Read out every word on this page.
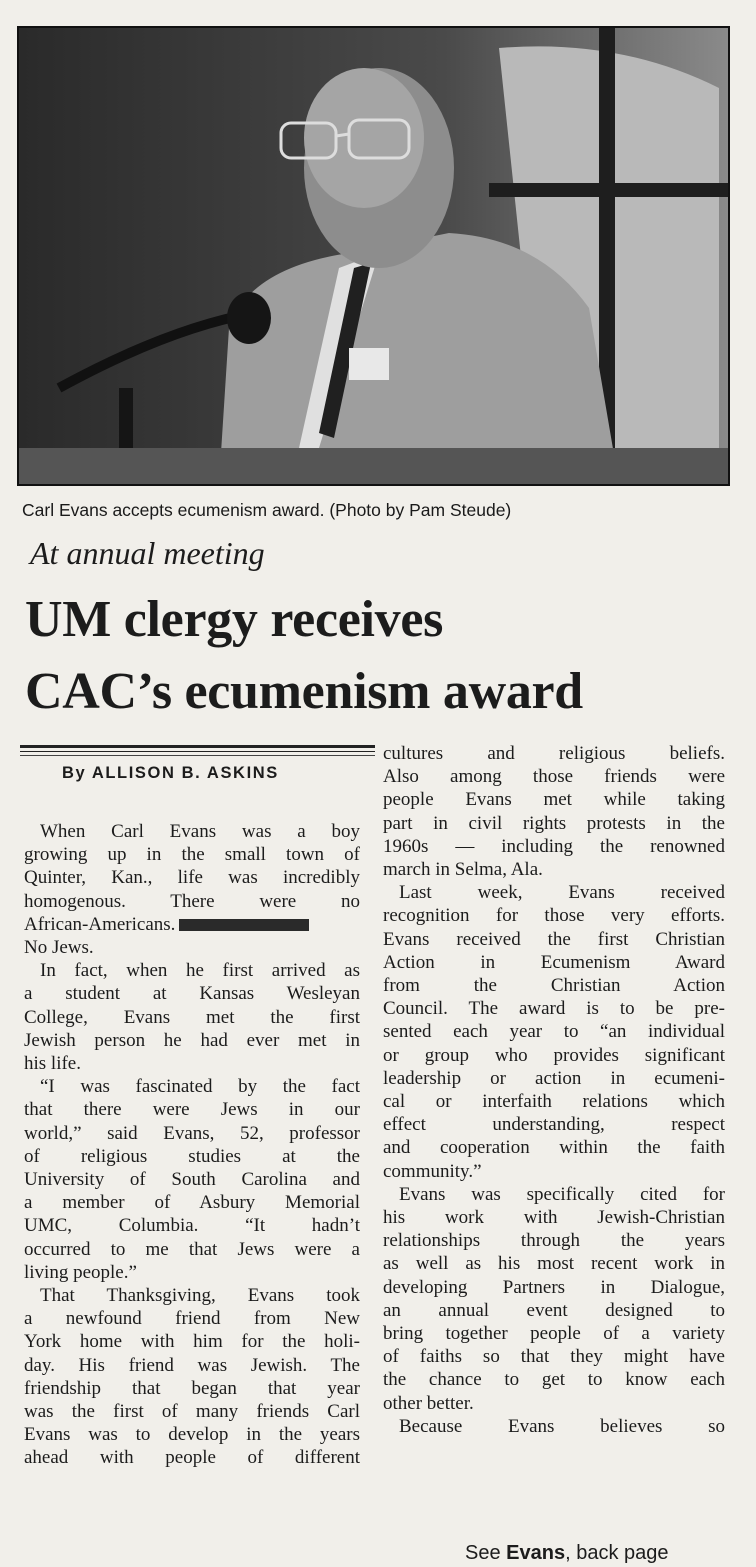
Carl Evans accepts ecumenism award. (Photo by Pam Steude)
At annual meeting
UM clergy receives
CAC’s ecumenism award
By ALLISON B. ASKINS

When Carl Evans was a boy

growing up in the small town of

Quinter, Kan., life was incredibly

homogenous. There were no

African-Americans.

No Jews.

In fact, when he first arrived as

a student at Kansas Wesleyan

College, Evans met the first

Jewish person he had ever met in

his life.

“I was fascinated by the fact

that there were Jews in our

world,” said Evans, 52, professor

of religious studies at the

University of South Carolina and

a member of Asbury Memorial

UMC, Columbia. “It hadn’t

occurred to me that Jews were a

living people.”

That Thanksgiving, Evans took

a newfound friend from New

York home with him for the holi-

day. His friend was Jewish. The

friendship that began that year

was the first of many friends Carl

Evans was to develop in the years

ahead with people of different

cultures and religious beliefs.

Also among those friends were

people Evans met while taking

part in civil rights protests in the

1960s — including the renowned

march in Selma, Ala.

Last week, Evans received

recognition for those very efforts.

Evans received the first Christian

Action in Ecumenism Award

from the Christian Action

Council. The award is to be pre-

sented each year to “an individual

or group who provides significant

leadership or action in ecumeni-

cal or interfaith relations which

effect understanding, respect

and cooperation within the faith

community.”

Evans was specifically cited for

his work with Jewish-Christian

relationships through the years

as well as his most recent work in

developing Partners in Dialogue,

an annual event designed to

bring together people of a variety

of faiths so that they might have

the chance to get to know each

other better.

Because Evans believes so

See Evans, back page
